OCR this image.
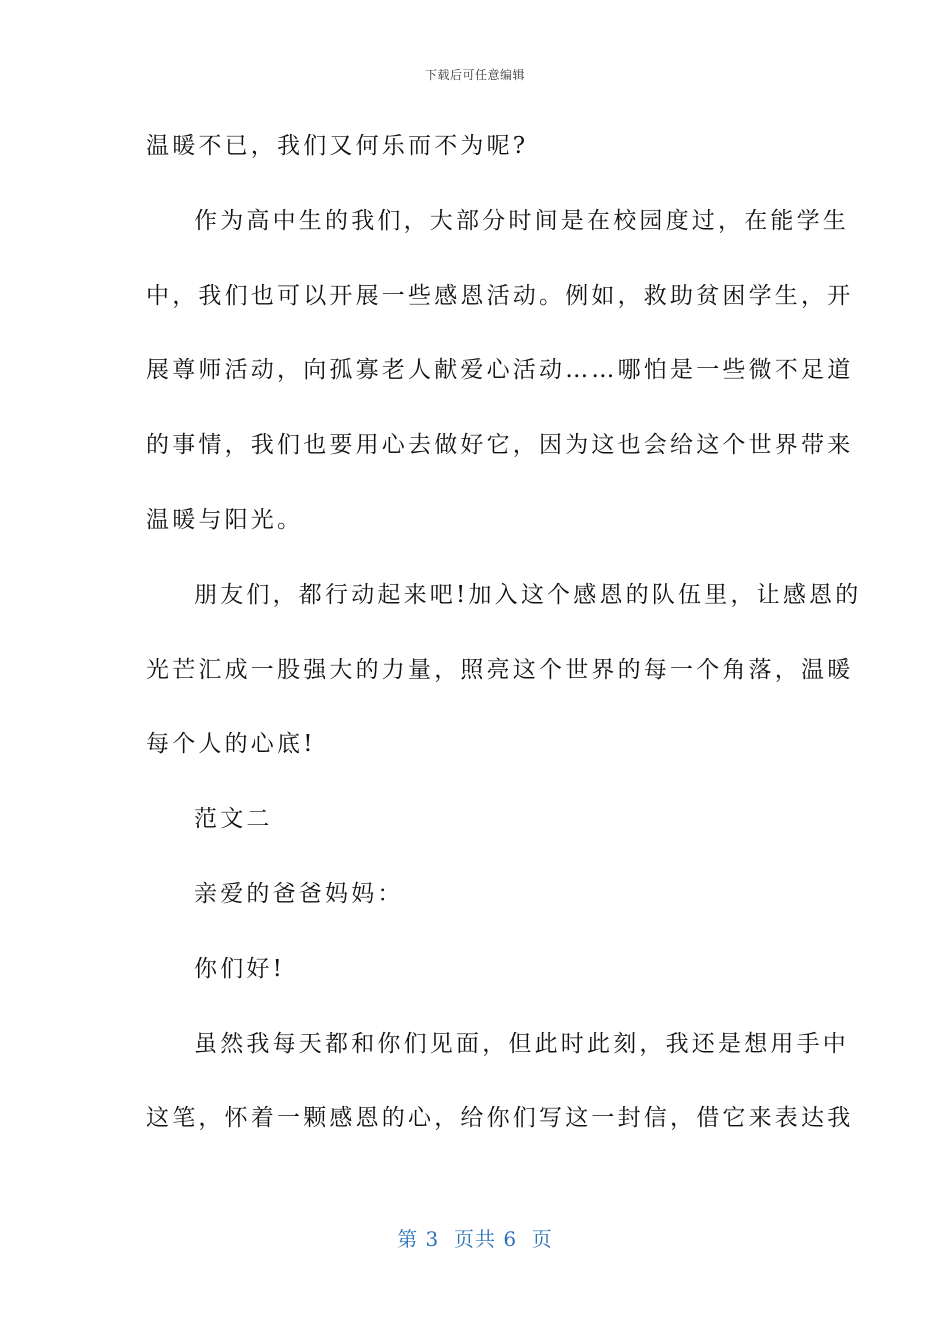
下载后可任意编辑
温暖不已，我们又何乐而不为呢?
作为高中生的我们，大部分时间是在校园度过，在能学生
中，我们也可以开展一些感恩活动。例如，救助贫困学生，开
展尊师活动，向孤寡老人献爱心活动……哪怕是一些微不足道
的事情，我们也要用心去做好它，因为这也会给这个世界带来
温暖与阳光。
朋友们，都行动起来吧!加入这个感恩的队伍里，让感恩的
光芒汇成一股强大的力量，照亮这个世界的每一个角落，温暖
每个人的心底!
范文二
亲爱的爸爸妈妈：
你们好!
虽然我每天都和你们见面，但此时此刻，我还是想用手中
这笔，怀着一颗感恩的心，给你们写这一封信，借它来表达我
第 3  页共 6  页
